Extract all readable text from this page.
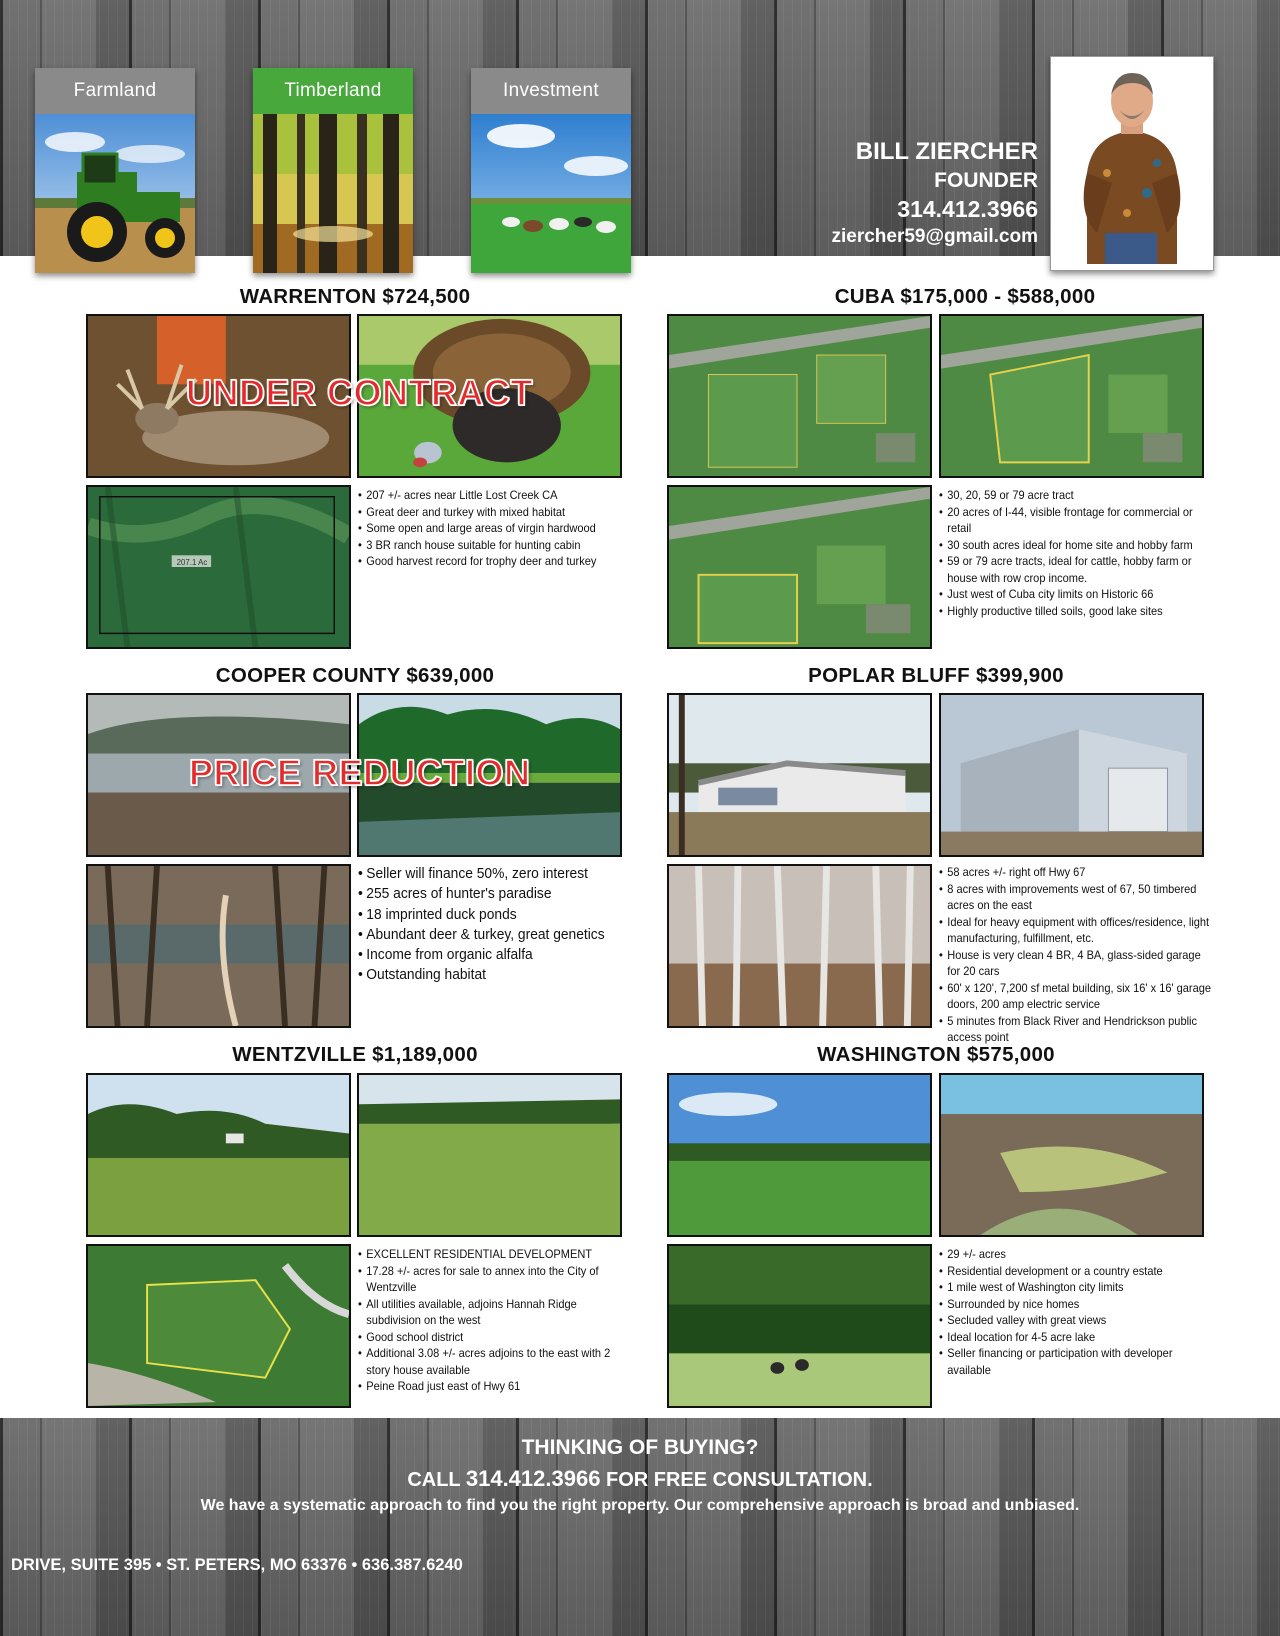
Farmland	Timberland	Investment
BILL ZIERCHER
FOUNDER
314.412.3966
ziercher59@gmail.com
WARRENTON $724,500
UNDER CONTRACT
207.1 Ac
• 207 +/- acres near Little Lost Creek CA
• Great deer and turkey with mixed habitat
• Some open and large areas of virgin hardwood
• 3 BR ranch house suitable for hunting cabin
• Good harvest record for trophy deer and turkey
CUBA $175,000 - $588,000
• 30, 20, 59 or 79 acre tract
• 20 acres of I-44, visible frontage for commercial or retail
• 30 south acres ideal for home site and hobby farm
• 59 or 79 acre tracts, ideal for cattle, hobby farm or house with row crop income.
• Just west of Cuba city limits on Historic 66
• Highly productive tilled soils, good lake sites
COOPER COUNTY $639,000
PRICE REDUCTION
• Seller will finance 50%, zero interest
• 255 acres of hunter's paradise
• 18 imprinted duck ponds
• Abundant deer & turkey, great genetics
• Income from organic alfalfa
• Outstanding habitat
POPLAR BLUFF $399,900
• 58 acres +/- right off Hwy 67
• 8 acres with improvements west of 67, 50 timbered acres on the east
• Ideal for heavy equipment with offices/residence, light manufacturing, fulfillment, etc.
• House is very clean 4 BR, 4 BA, glass-sided garage for 20 cars
• 60' x 120', 7,200 sf metal building, six 16' x 16' garage doors, 200 amp electric service
• 5 minutes from Black River and Hendrickson public access point
WENTZVILLE $1,189,000
• EXCELLENT RESIDENTIAL DEVELOPMENT
• 17.28 +/- acres for sale to annex into the City of Wentzville
• All utilities available, adjoins Hannah Ridge subdivision on the west
• Good school district
• Additional 3.08 +/- acres adjoins to the east with 2 story house available
• Peine Road just east of Hwy 61
WASHINGTON $575,000
• 29 +/- acres
• Residential development or a country estate
• 1 mile west of Washington city limits
• Surrounded by nice homes
• Secluded valley with great views
• Ideal location for 4-5 acre lake
• Seller financing or participation with developer available
THINKING OF BUYING?
CALL 314.412.3966 FOR FREE CONSULTATION.
We have a systematic approach to find you the right property. Our comprehensive approach is broad and unbiased.
DRIVE, SUITE 395 • ST. PETERS, MO 63376 • 636.387.6240
